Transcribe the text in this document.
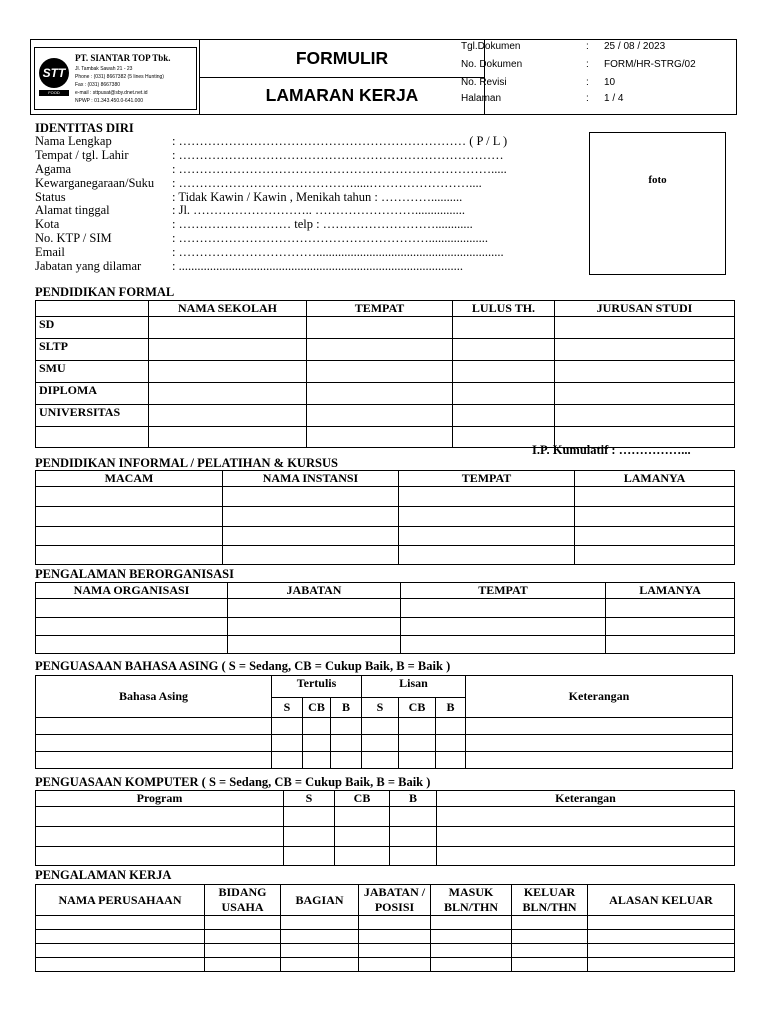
STT
FOOD INDUSTRY
PT. SIANTAR TOP Tbk.
Jl. Tambak Sawah 21 - 23
Phone : (031) 8667382 (5 lines Hunting)
Fax : (031) 8667380
e-mail : sttpusat@sby.dnet.net.id
NPWP : 01.343.450.0-641.000
FORMULIR
LAMARAN KERJA
Tgl.Dokumen	: 25 / 08 / 2023
No. Dokumen	: FORM/HR-STRG/02
No. Revisi	: 10
Halaman	: 1 / 4
IDENTITAS DIRI
Nama Lengkap	: …………………………………………………………… ( P / L )
Tempat / tgl. Lahir	: ……………………………………………………………………
Agama	: ………………………………………………………………….....
Kewarganegaraan/Suku : …………………………………….....……………………....
Status	: Tidak Kawin / Kawin , Menikah tahun : …………..........
Alamat tinggal	: Jl. ……………………….. ……………………................
Kota	: ……………………… telp : ………………………............
No. KTP / SIM	: ……………………………………………………...................
Email	: ……………………………............................................................
Jabatan yang dilamar : ...........................................................................................
foto
PENDIDIKAN FORMAL
	NAMA SEKOLAH	TEMPAT	LULUS TH.	JURUSAN STUDI
SD				
SLTP				
SMU				
DIPLOMA				
UNIVERSITAS				

I.P. Kumulatif : ……………...
PENDIDIKAN INFORMAL / PELATIHAN & KURSUS
MACAM	NAMA INSTANSI	TEMPAT	LAMANYA

PENGALAMAN BERORGANISASI
NAMA ORGANISASI	JABATAN	TEMPAT	LAMANYA

PENGUASAAN BAHASA ASING ( S = Sedang, CB = Cukup Baik, B = Baik )
Bahasa Asing	Tertulis			Lisan			Keterangan
	S	CB	B	S	CB	B	

PENGUASAAN KOMPUTER ( S = Sedang, CB = Cukup Baik, B = Baik )
Program	S	CB	B	Keterangan

PENGALAMAN KERJA
NAMA PERUSAHAAN	BIDANG USAHA	BAGIAN	JABATAN / POSISI	MASUK BLN/THN	KELUAR BLN/THN	ALASAN KELUAR
